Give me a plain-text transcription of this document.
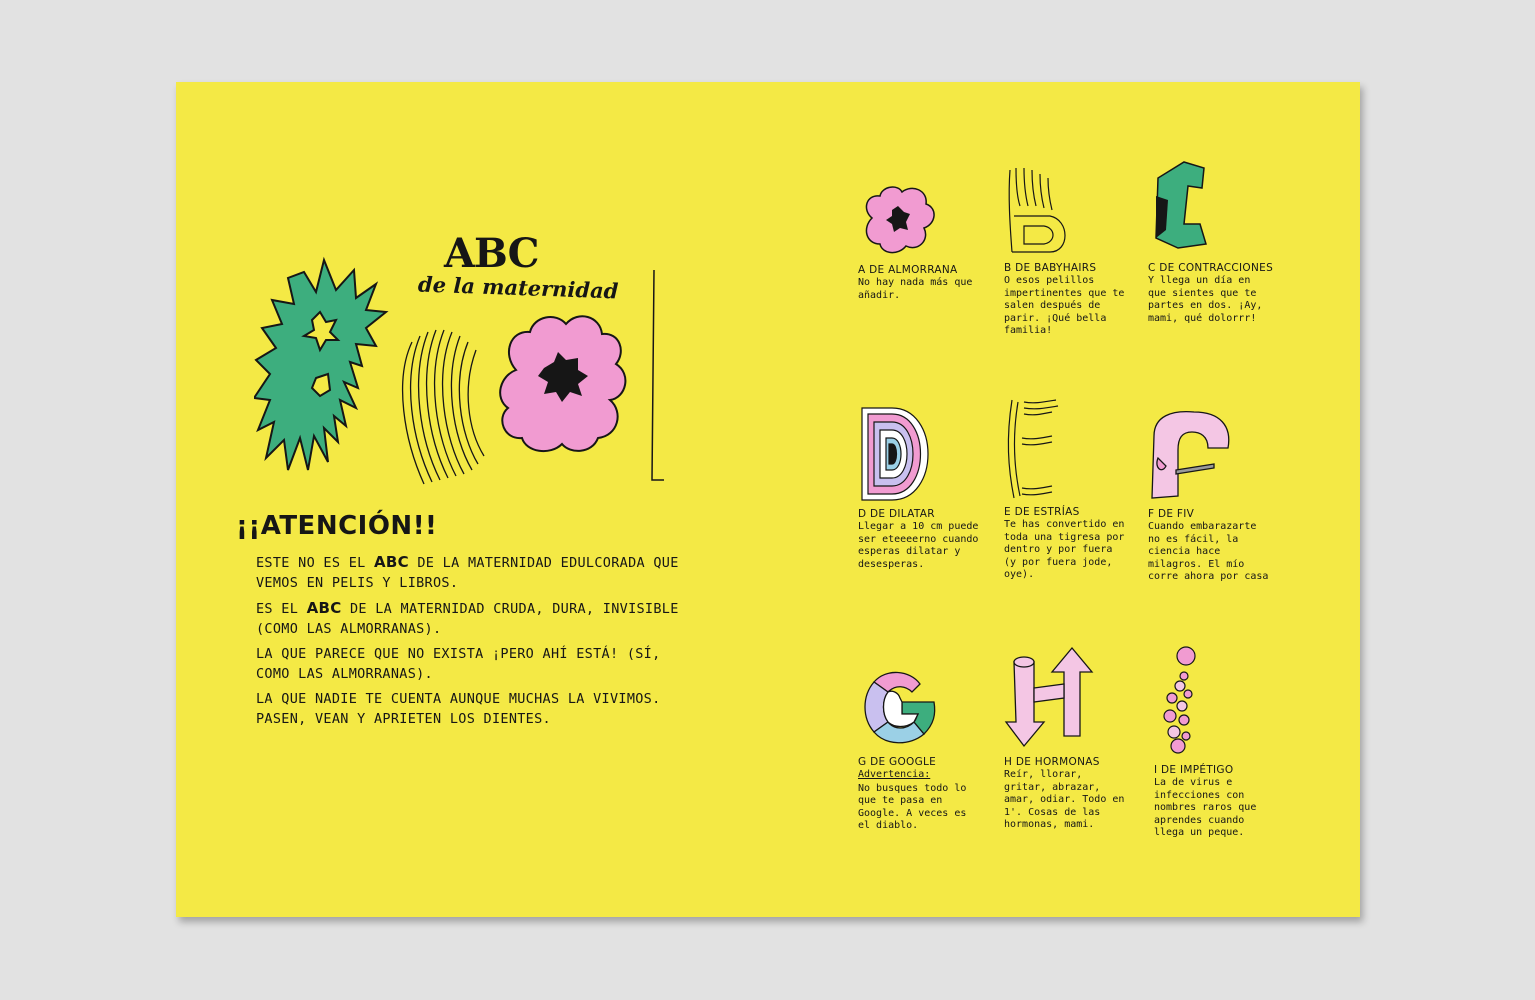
ABC
de la maternidad
¡¡ATENCIÓN!!

ESTE NO ES EL ABC DE LA MATERNIDAD EDULCORADA QUE VEMOS EN PELIS Y LIBROS.

ES EL ABC DE LA MATERNIDAD CRUDA, DURA, INVISIBLE (COMO LAS ALMORRANAS).

LA QUE PARECE QUE NO EXISTA ¡PERO AHÍ ESTÁ! (SÍ, COMO LAS ALMORRANAS).

LA QUE NADIE TE CUENTA AUNQUE MUCHAS LA VIVIMOS. PASEN, VEAN Y APRIETEN LOS DIENTES.

A DE ALMORRANA
No hay nada más que añadir.
B DE BABYHAIRS
O esos pelillos impertinentes que te salen después de parir. ¡Qué bella familia!
C DE CONTRACCIONES
Y llega un día en que sientes que te partes en dos. ¡Ay, mami, qué dolorrr!
D DE DILATAR
Llegar a 10 cm puede ser eteeeerno cuando esperas dilatar y desesperas.
E DE ESTRÍAS
Te has convertido en toda una tigresa por dentro y por fuera (y por fuera jode, oye).
F DE FIV
Cuando embarazarte no es fácil, la ciencia hace milagros. El mío corre ahora por casa
G DE GOOGLE
Advertencia:
No busques todo lo que te pasa en Google. A veces es el diablo.
H DE HORMONAS
Reír, llorar, gritar, abrazar, amar, odiar. Todo en 1'. Cosas de las hormonas, mami.
I DE IMPÉTIGO
La de virus e infecciones con nombres raros que aprendes cuando llega un peque.
